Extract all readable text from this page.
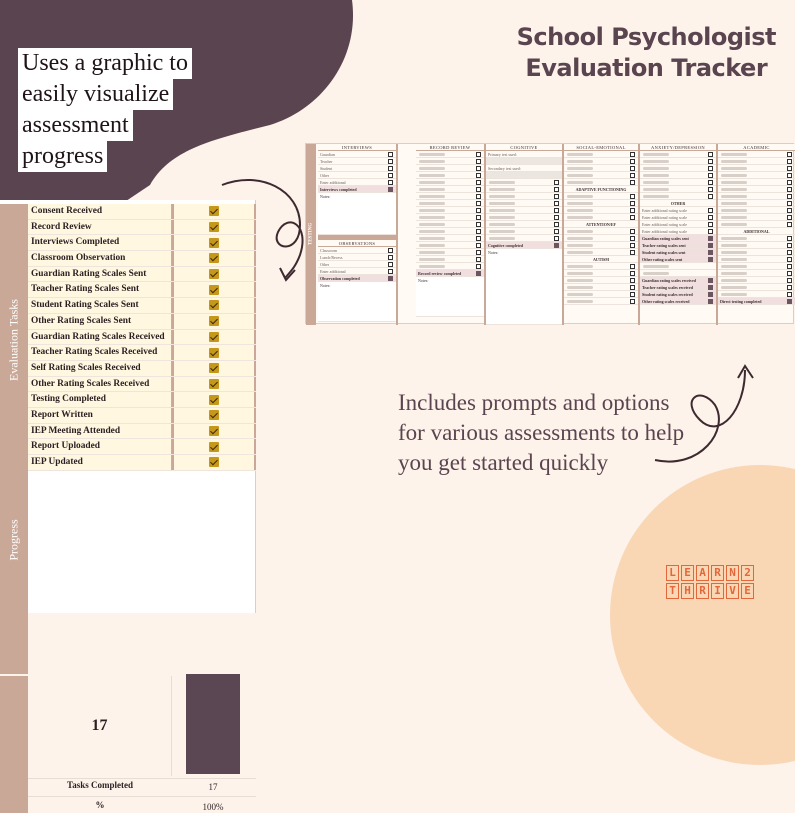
School Psychologist
Evaluation Tracker
Uses a graphic to
easily visualize
assessment
progress
Includes prompts and options for various assessments to help you get started quickly
Consent Received
Record Review
Interviews Completed
Classroom Observation
Guardian Rating Scales Sent
Teacher Rating Scales Sent
Student Rating Scales Sent
Other Rating Scales Sent
Guardian Rating Scales Received
Teacher Rating Scales Received
Self Rating Scales Received
Other Rating Scales Received
Testing Completed
Report Written
IEP Meeting Attended
Report Uploaded
IEP Updated
17
Tasks Completed	17
%	100%
Evaluation Tasks
Progress
TESTING
INTERVIEWS
Guardian
Teacher
Student
Other
Enter additional
Interviews completed
Notes:
OBSERVATIONS
Classroom
Lunch/Recess
Other
Enter additional
Observation completed
Notes:
RECORD REVIEW
Record review completed
Notes:
COGNITIVE
Primary test used:
Secondary test used:
Cognitive completed
Notes:
SOCIAL-EMOTIONAL
ADAPTIVE FUNCTIONING
ATTENTION/EF
AUTISM
ANXIETY/DEPRESSION
OTHER
Enter additional rating scale
Enter additional rating scale
Enter additional rating scale
Enter additional rating scale
Guardian rating scales sent
Teacher rating scales sent
Student rating scales sent
Other rating scales sent
Guardian rating scales received
Teacher rating scales received
Student rating scales received
Other rating scales received
ACADEMIC
ADDITIONAL
Direct testing completed
L E A R N 2
T H R I V E
